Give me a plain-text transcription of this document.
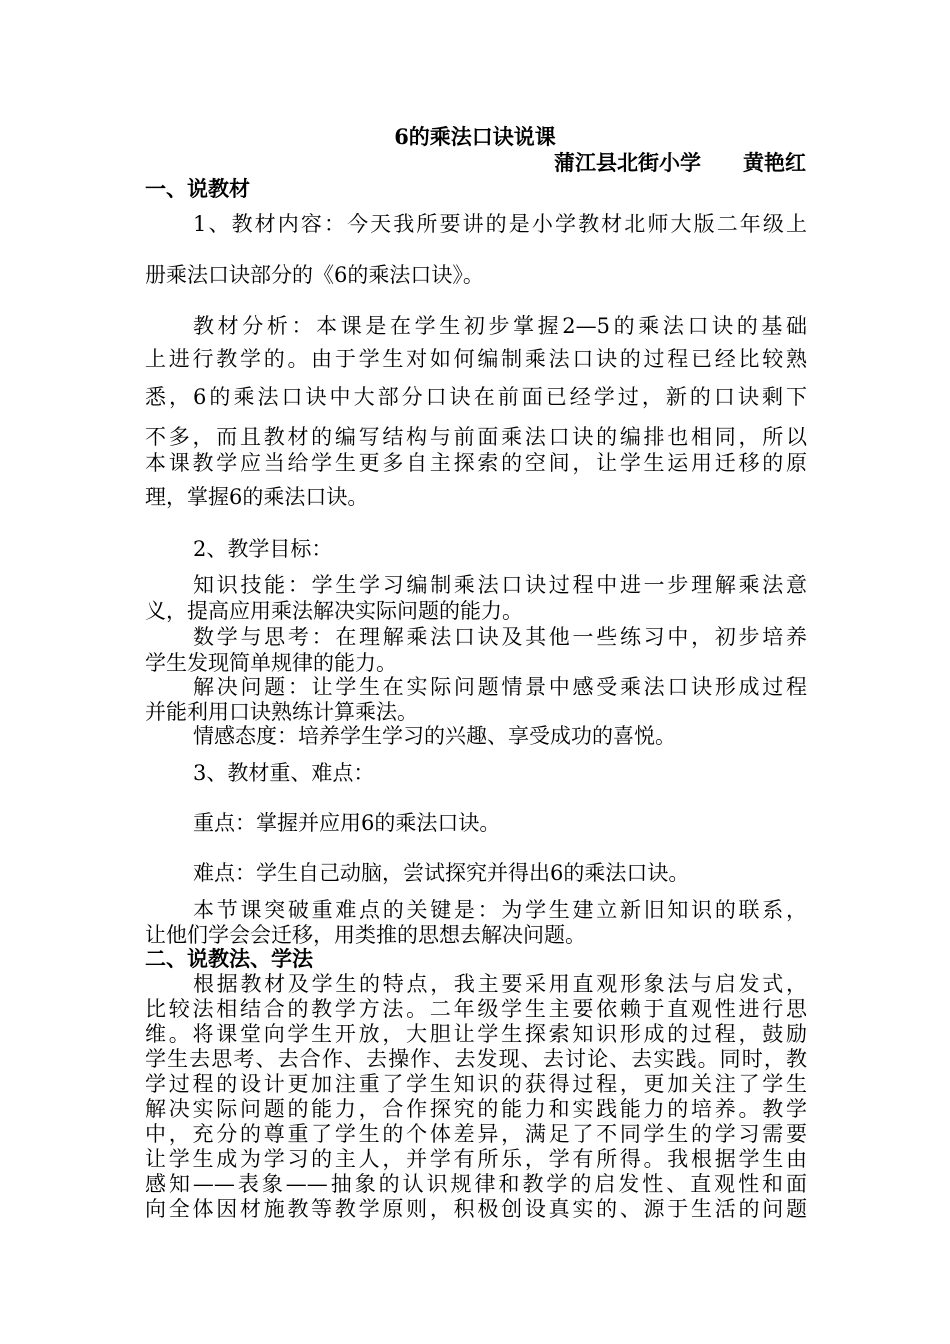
6的乘法口诀说课
蒲江县北街小学　　黄艳红
一、说教材
1、教材内容：今天我所要讲的是小学教材北师大版二年级上
册乘法口诀部分的《6的乘法口诀》。
教材分析：本课是在学生初步掌握2—5的乘法口诀的基础
上进行教学的。由于学生对如何编制乘法口诀的过程已经比较熟
悉，6的乘法口诀中大部分口诀在前面已经学过，新的口诀剩下
不多，而且教材的编写结构与前面乘法口诀的编排也相同，所以
本课教学应当给学生更多自主探索的空间，让学生运用迁移的原
理，掌握6的乘法口诀。
2、教学目标：
知识技能：学生学习编制乘法口诀过程中进一步理解乘法意
义，提高应用乘法解决实际问题的能力。
数学与思考：在理解乘法口诀及其他一些练习中，初步培养
学生发现简单规律的能力。
解决问题：让学生在实际问题情景中感受乘法口诀形成过程
并能利用口诀熟练计算乘法。
情感态度：培养学生学习的兴趣、享受成功的喜悦。
3、教材重、难点：
重点：掌握并应用6的乘法口诀。
难点：学生自己动脑，尝试探究并得出6的乘法口诀。
本节课突破重难点的关键是：为学生建立新旧知识的联系，
让他们学会会迁移，用类推的思想去解决问题。
二、说教法、学法
根据教材及学生的特点，我主要采用直观形象法与启发式，
比较法相结合的教学方法。二年级学生主要依赖于直观性进行思
维。将课堂向学生开放，大胆让学生探索知识形成的过程，鼓励
学生去思考、去合作、去操作、去发现、去讨论、去实践。同时，教
学过程的设计更加注重了学生知识的获得过程，更加关注了学生
解决实际问题的能力，合作探究的能力和实践能力的培养。教学
中，充分的尊重了学生的个体差异，满足了不同学生的学习需要
让学生成为学习的主人，并学有所乐，学有所得。我根据学生由
感知——表象——抽象的认识规律和教学的启发性、直观性和面
向全体因材施教等教学原则，积极创设真实的、源于生活的问题
